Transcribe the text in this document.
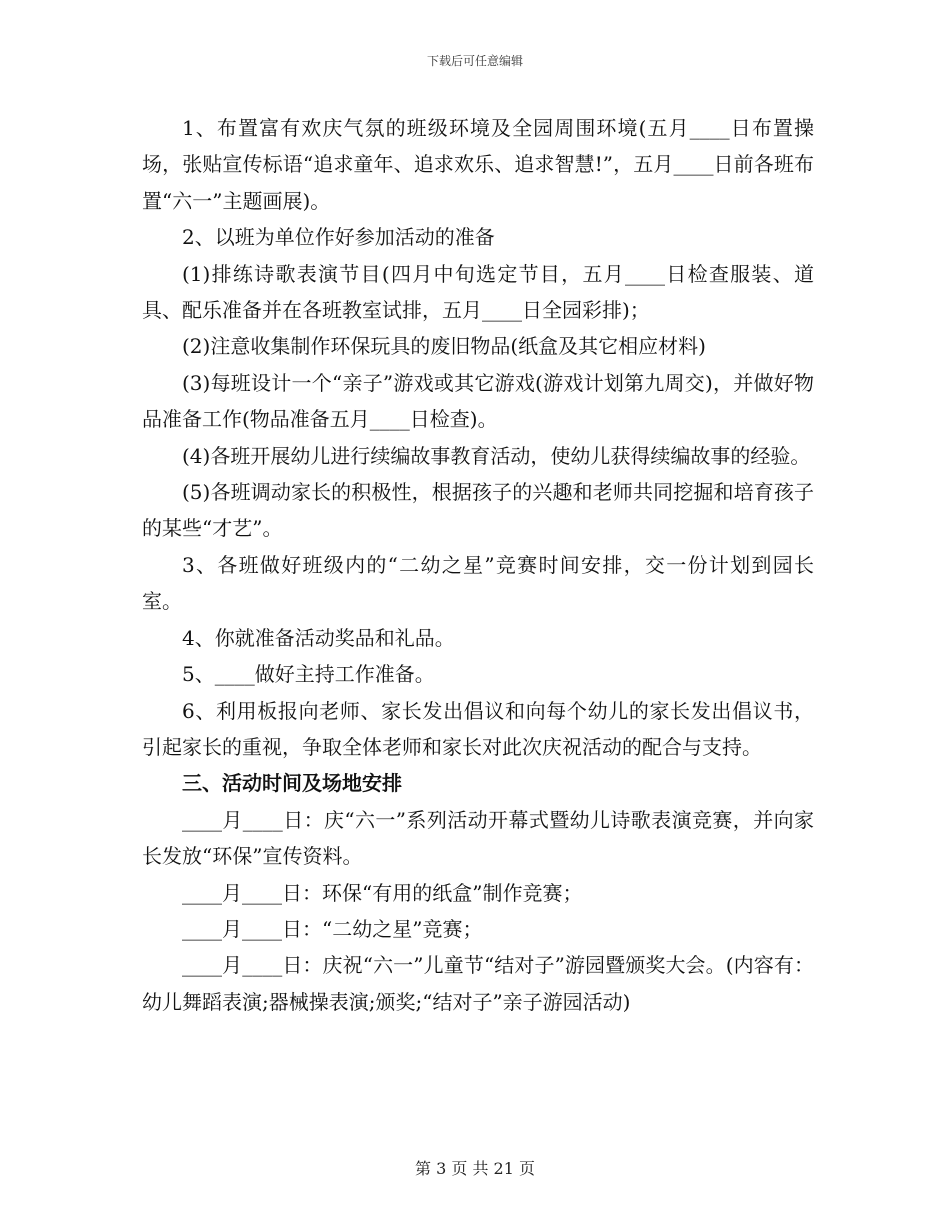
下载后可任意编辑

1、布置富有欢庆气氛的班级环境及全园周围环境(五月____日布置操场，张贴宣传标语“追求童年、追求欢乐、追求智慧!”，五月____日前各班布置“六一”主题画展)。

2、以班为单位作好参加活动的准备

(1)排练诗歌表演节目(四月中旬选定节目，五月____日检查服装、道具、配乐准备并在各班教室试排，五月____日全园彩排)；

(2)注意收集制作环保玩具的废旧物品(纸盒及其它相应材料)

(3)每班设计一个“亲子”游戏或其它游戏(游戏计划第九周交)，并做好物品准备工作(物品准备五月____日检查)。

(4)各班开展幼儿进行续编故事教育活动，使幼儿获得续编故事的经验。

(5)各班调动家长的积极性，根据孩子的兴趣和老师共同挖掘和培育孩子的某些“才艺”。

3、各班做好班级内的“二幼之星”竞赛时间安排，交一份计划到园长室。

4、你就准备活动奖品和礼品。

5、____做好主持工作准备。

6、利用板报向老师、家长发出倡议和向每个幼儿的家长发出倡议书，引起家长的重视，争取全体老师和家长对此次庆祝活动的配合与支持。

三、活动时间及场地安排

____月____日：庆“六一”系列活动开幕式暨幼儿诗歌表演竞赛，并向家长发放“环保”宣传资料。

____月____日：环保“有用的纸盒”制作竞赛；

____月____日：“二幼之星”竞赛；

____月____日：庆祝“六一”儿童节“结对子”游园暨颁奖大会。(内容有：幼儿舞蹈表演;器械操表演;颁奖;“结对子”亲子游园活动)

第 3 页 共 21 页
